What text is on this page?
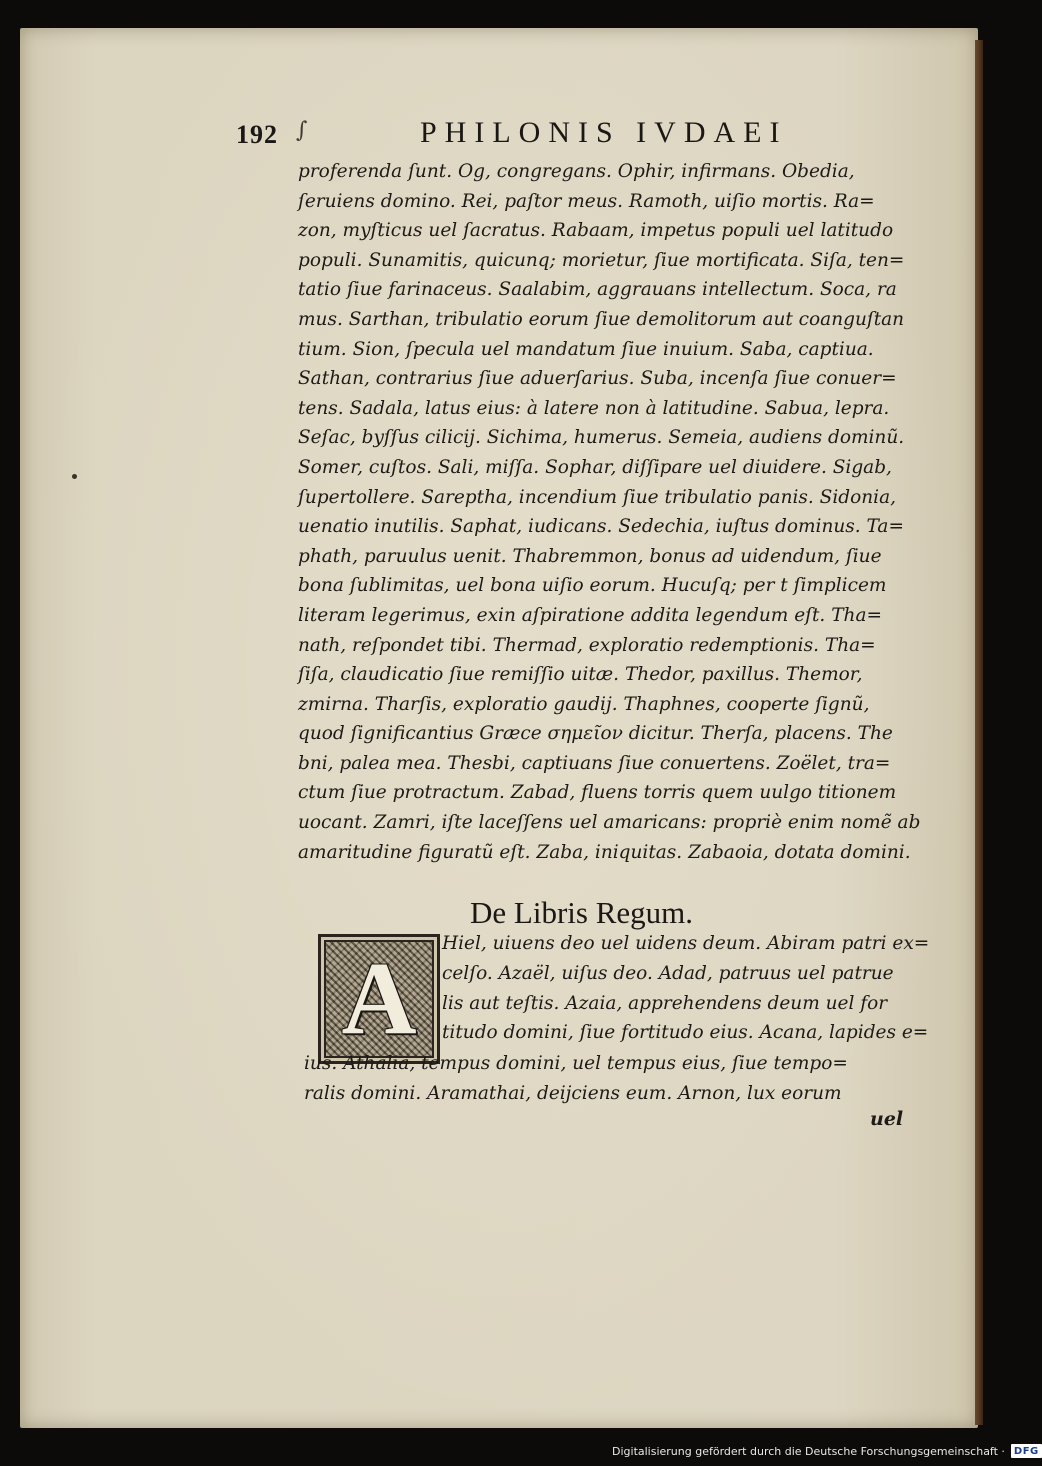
192 ∫	PHILONIS IVDAEI
proferenda ſunt. Og, congregans. Ophir, infirmans. Obedia,
ſeruiens domino. Rei, paſtor meus. Ramoth, uiſio mortis. Ra=
zon, myſticus uel ſacratus. Rabaam, impetus populi uel latitudo
populi. Sunamitis, quicunq; morietur, ſiue mortificata. Siſa, ten=
tatio ſiue farinaceus. Saalabim, aggrauans intellectum. Soca, ra
mus. Sarthan, tribulatio eorum ſiue demolitorum aut coanguſtan
tium. Sion, ſpecula uel mandatum ſiue inuium. Saba, captiua.
Sathan, contrarius ſiue aduerſarius. Suba, incenſa ſiue conuer=
tens. Sadala, latus eius: à latere non à latitudine. Sabua, lepra.
Seſac, byſſus cilicij. Sichima, humerus. Semeia, audiens dominũ.
Somer, cuſtos. Sali, miſſa. Sophar, diſſipare uel diuidere. Sigab,
ſupertollere. Sareptha, incendium ſiue tribulatio panis. Sidonia,
uenatio inutilis. Saphat, iudicans. Sedechia, iuſtus dominus. Ta=
phath, paruulus uenit. Thabremmon, bonus ad uidendum, ſiue
bona ſublimitas, uel bona uiſio eorum. Hucuſq; per t ſimplicem
literam legerimus, exin aſpiratione addita legendum eſt. Tha=
nath, reſpondet tibi. Thermad, exploratio redemptionis. Tha=
ſiſa, claudicatio ſiue remiſſio uitæ. Thedor, paxillus. Themor,
zmirna. Tharſis, exploratio gaudij. Thaphnes, cooperte ſignũ,
quod ſignificantius Græce σημεῖον dicitur. Therſa, placens. The
bni, palea mea. Thesbi, captiuans ſiue conuertens. Zoëlet, tra=
ctum ſiue protractum. Zabad, fluens torris quem uulgo titionem
uocant. Zamri, iſte laceſſens uel amaricans: propriè enim nomẽ ab
amaritudine figuratũ eſt. Zaba, iniquitas. Zabaoia, dotata domini.
De Libris Regum.
A	Hiel, uiuens deo uel uidens deum. Abiram patri ex=
celſo. Azaël, uiſus deo. Adad, patruus uel patrue
lis aut teſtis. Azaia, apprehendens deum uel for
titudo domini, ſiue fortitudo eius. Acana, lapides e=
ius. Athalia, tempus domini, uel tempus eius, ſiue tempo=
ralis domini. Aramathai, deijciens eum. Arnon, lux eorum
uel
Digitalisierung gefördert durch die Deutsche Forschungsgemeinschaft · DFG
